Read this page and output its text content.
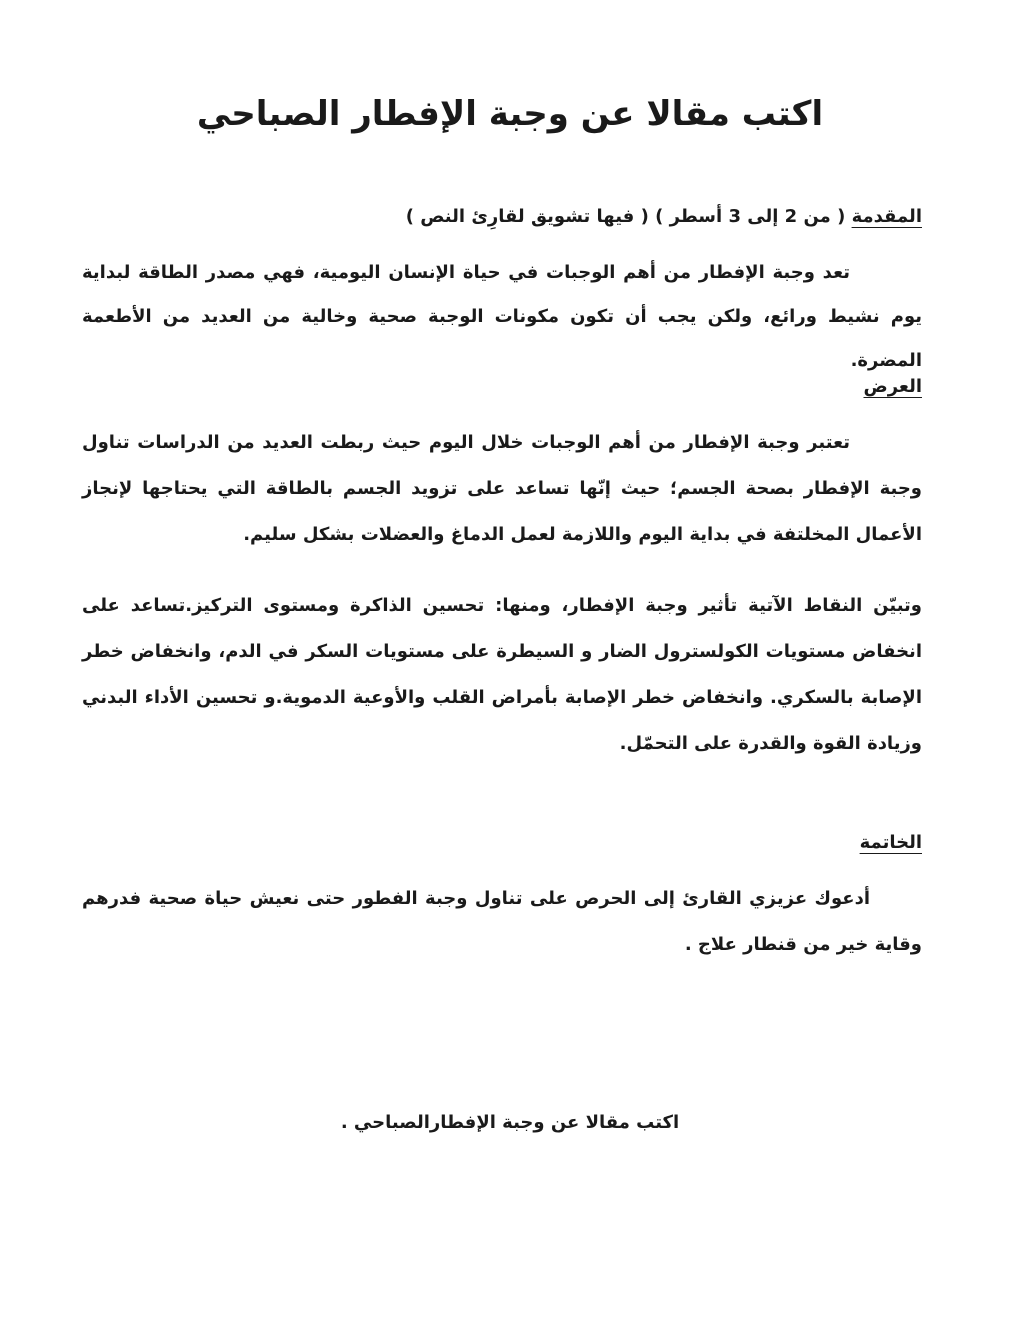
اكتب مقالا عن وجبة الإفطار الصباحي

المقدمة ( من 2 إلى 3 أسطر ) ( فيها تشويق لقارِئ النص )

تعد وجبة الإفطار من أهم الوجبات في حياة الإنسان اليومية، فهي مصدر الطاقة لبداية يوم نشيط ورائع، ولكن يجب أن تكون مكونات الوجبة صحية وخالية من العديد من الأطعمة المضرة.

العرض

تعتبر وجبة الإفطار من أهم الوجبات خلال اليوم حيث ربطت العديد من الدراسات تناول وجبة الإفطار بصحة الجسم؛ حيث إنّها تساعد على تزويد الجسم بالطاقة التي يحتاجها لإنجاز الأعمال المخلتفة في بداية اليوم واللازمة لعمل الدماغ والعضلات بشكل سليم.

وتبيّن النقاط الآتية تأثير وجبة الإفطار، ومنها: تحسين الذاكرة ومستوى التركيز.تساعد على انخفاض مستويات الكولسترول الضار و السيطرة على مستويات السكر في الدم، وانخفاض خطر الإصابة بالسكري. وانخفاض خطر الإصابة بأمراض القلب والأوعية الدموية.و تحسين الأداء البدني وزيادة القوة والقدرة على التحمّل.

الخاتمة

أدعوك عزيزي القارئ إلى الحرص على تناول وجبة الفطور حتى نعيش حياة صحية فدرهم وقاية خير من قنطار علاج .

اكتب مقالا عن وجبة الإفطارالصباحي .
